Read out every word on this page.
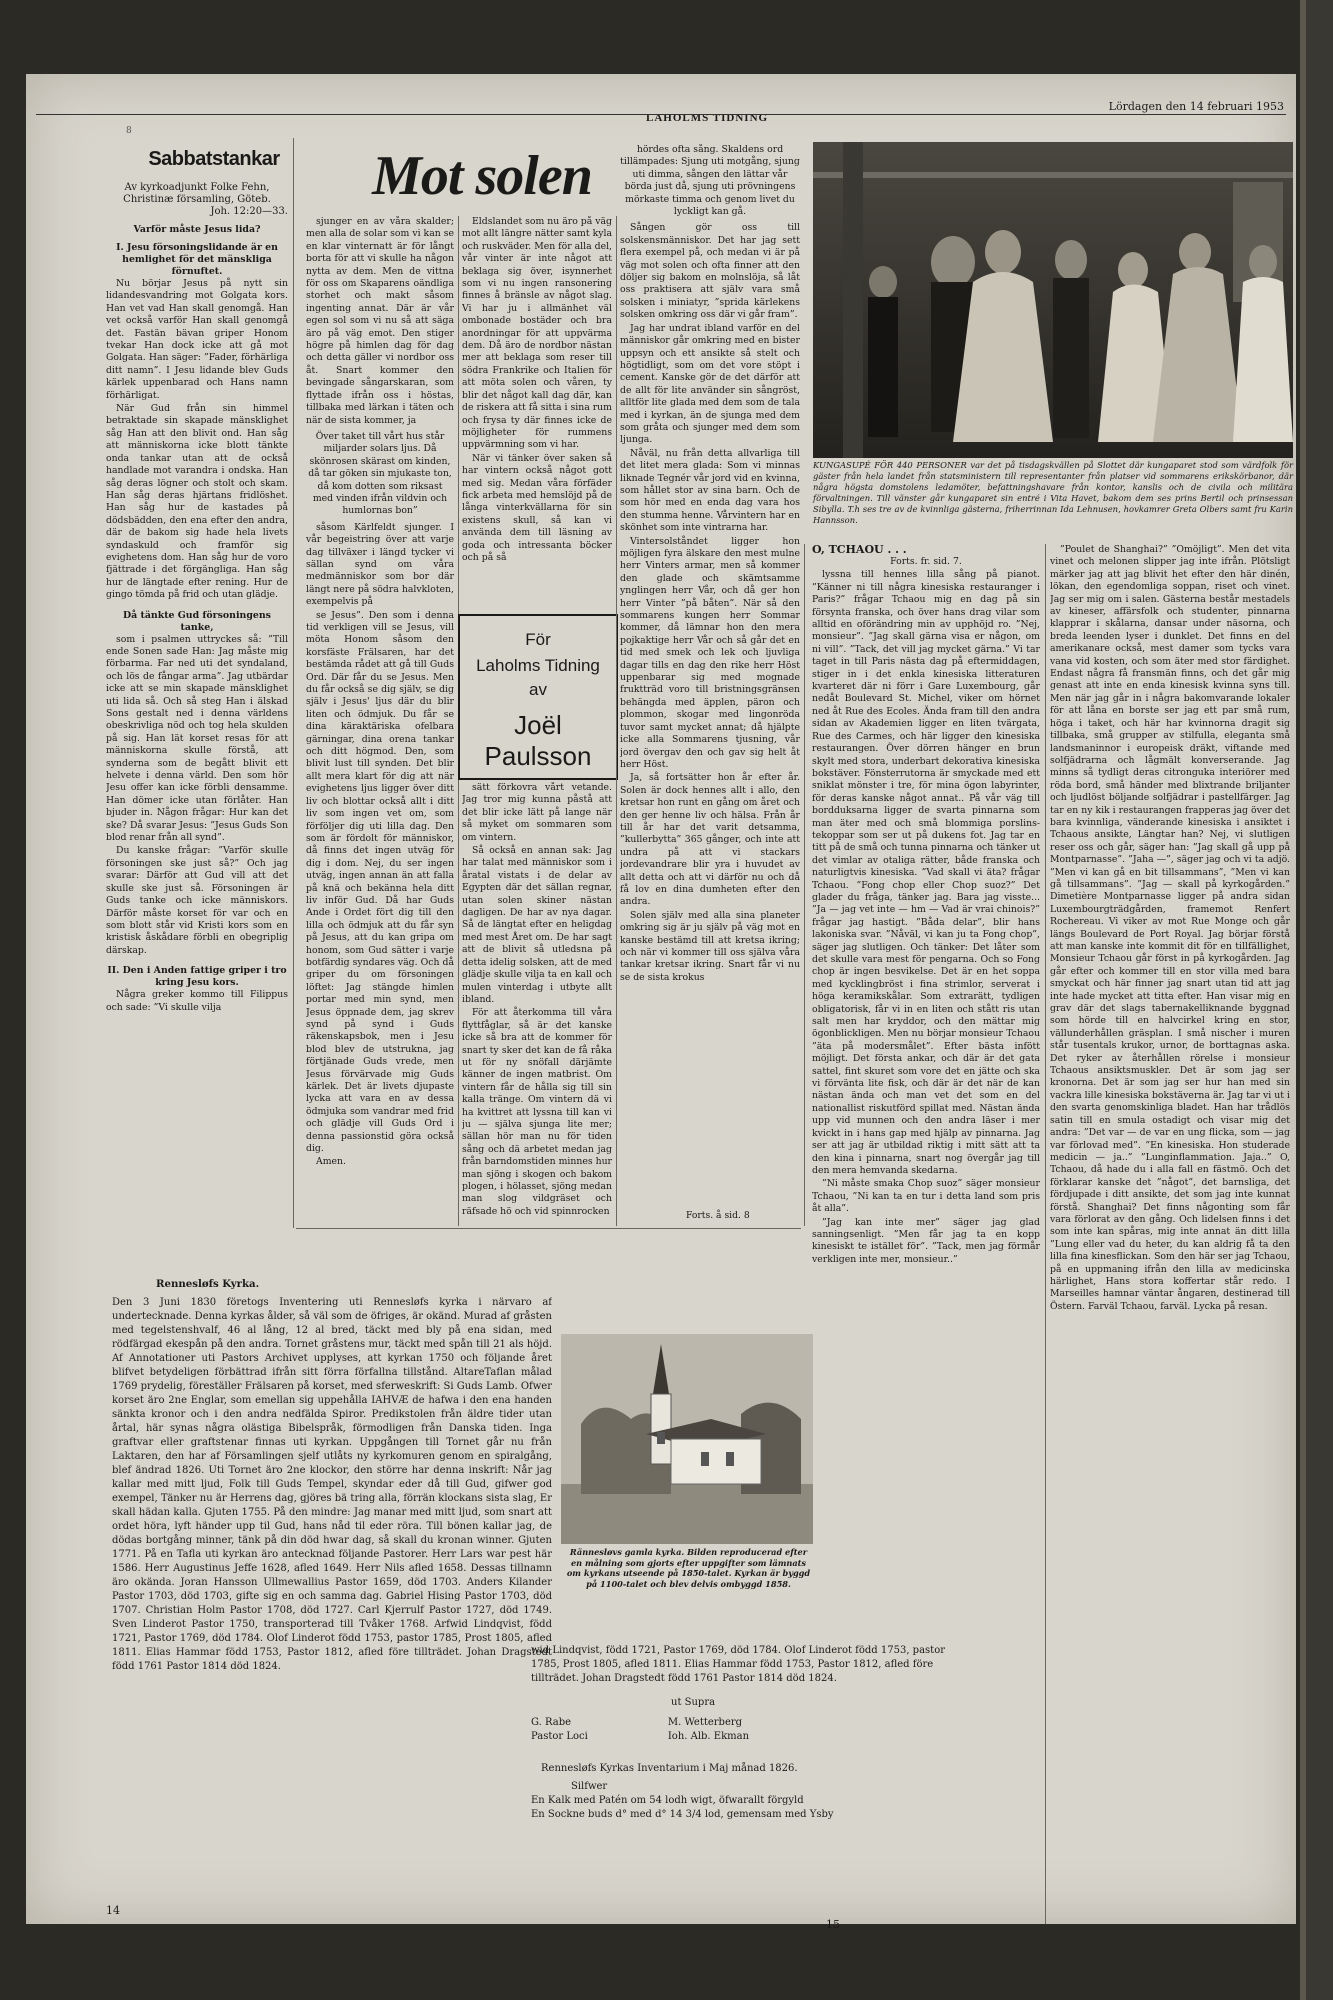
8
Lördagen den 14 februari 1953
LAHOLMS TIDNING
Sabbatstankar
Av kyrkoadjunkt Folke Fehn, Christinæ församling, Göteb.
Joh. 12:20—33.
Varför måste Jesus lida?
I. Jesu försoningslidande är en hemlighet för det mänskliga förnuftet.

Nu börjar Jesus på nytt sin lidandesvandring mot Golgata kors. Han vet vad Han skall genomgå. Han vet också varför Han skall genomgå det. Fastän bävan griper Honom tvekar Han dock icke att gå mot Golgata. Han säger: ”Fader, förhärliga ditt namn”. I Jesu lidande blev Guds kärlek uppenbarad och Hans namn förhärligat.

När Gud från sin himmel betraktade sin skapade mänsklighet såg Han att den blivit ond. Han såg att människorna icke blott tänkte onda tankar utan att de också handlade mot varandra i ondska. Han såg deras lögner och stolt och skam. Han såg deras hjärtans fridlöshet. Han såg hur de kastades på dödsbädden, den ena efter den andra, där de bakom sig hade hela livets syndaskuld och framför sig evighetens dom. Han såg hur de voro fjättrade i det förgängliga. Han såg hur de längtade efter rening. Hur de gingo tömda på frid och utan glädje.

Då tänkte Gud försoningens tanke,

som i psalmen uttryckes så: ”Till ende Sonen sade Han: Jag måste mig förbarma. Far ned uti det syndaland, och lös de fångar arma”. Jag utbärdar icke att se min skapade mänsklighet uti lida så. Och så steg Han i älskad Sons gestalt ned i denna världens obeskrivliga nöd och tog hela skulden på sig. Han lät korset resas för att människorna skulle förstå, att synderna som de begått blivit ett helvete i denna värld. Den som hör Jesu offer kan icke förbli densamme. Han dömer icke utan förlåter. Han bjuder in. Någon frågar: Hur kan det ske? Då svarar Jesus: ”Jesus Guds Son blod renar från all synd”.

Du kanske frågar: ”Varför skulle försoningen ske just så?” Och jag svarar: Därför att Gud vill att det skulle ske just så. Försoningen är Guds tanke och icke människors. Därför måste korset för var och en som blott står vid Kristi kors som en kristisk åskådare förbli en obegriplig därskap.

II. Den i Anden fattige griper i tro kring Jesu kors.

Några greker kommo till Filippus och sade: ”Vi skulle vilja

Mot solen

sjunger en av våra skalder; men alla de solar som vi kan se en klar vinternatt är för långt borta för att vi skulle ha någon nytta av dem. Men de vittna för oss om Skaparens oändliga storhet och makt såsom ingenting annat. Där är vår egen sol som vi nu så att säga äro på väg emot. Den stiger högre på himlen dag för dag och detta gäller vi nordbor oss åt. Snart kommer den bevingade sångarskaran, som flyttade ifrån oss i höstas, tillbaka med lärkan i täten och när de sista kommer, ja

Över taket till vårt hus står miljarder solars ljus. Då skönrosen skärast om kinden, då tar göken sin mjukaste ton, då kom dotten som riksast med vinden ifrån vildvin och humlornas bon”

såsom Kärlfeldt sjunger. I vår begeistring över att varje dag tillväxer i längd tycker vi sällan synd om våra medmänniskor som bor där längt nere på södra halvkloten, exempelvis på

se Jesus”. Den som i denna tid verkligen vill se Jesus, vill möta Honom såsom den korsfäste Frälsaren, har det bestämda rådet att gå till Guds Ord. Där får du se Jesus. Men du får också se dig själv, se dig själv i Jesus' ljus där du blir liten och ödmjuk. Du får se dina käraktäriska ofelbara gärningar, dina orena tankar och ditt högmod. Den, som blivit lust till synden. Det blir allt mera klart för dig att när evighetens ljus ligger över ditt liv och blottar också allt i ditt liv som ingen vet om, som förföljer dig uti lilla dag. Den som är fördolt för människor, då finns det ingen utväg för dig i dom. Nej, du ser ingen utväg, ingen annan än att falla på knä och bekänna hela ditt liv inför Gud. Då har Guds Ande i Ordet fört dig till den lilla och ödmjuk att du får syn på Jesus, att du kan gripa om honom, som Gud sätter i varje botfärdig syndares väg. Och då griper du om försoningen löftet: Jag stängde himlen portar med min synd, men Jesus öppnade dem, jag skrev synd på synd i Guds räkenskapsbok, men i Jesu blod blev de utstrukna, jag förtjänade Guds vrede, men Jesus förvärvade mig Guds kärlek. Det är livets djupaste lycka att vara en av dessa ödmjuka som vandrar med frid och glädje vill Guds Ord i denna passionstid göra också dig.

Amen.

Eldslandet som nu äro på väg mot allt längre nätter samt kyla och ruskväder. Men för alla del, vår vinter är inte något att beklaga sig över, isynnerhet som vi nu ingen ransonering finnes å bränsle av något slag. Vi har ju i allmänhet väl ombonade bostäder och bra anordningar för att uppvärma dem. Då äro de nordbor nästan mer att beklaga som reser till södra Frankrike och Italien för att möta solen och våren, ty blir det något kall dag där, kan de riskera att få sitta i sina rum och frysa ty där finnes icke de möjligheter för rummens uppvärmning som vi har.

När vi tänker över saken så har vintern också något gott med sig. Medan våra förfäder fick arbeta med hemslöjd på de långa vinterkvällarna för sin existens skull, så kan vi använda dem till läsning av goda och intressanta böcker och på så

För
Laholms Tidning
av
Joël Paulsson

sätt förkovra vårt vetande. Jag tror mig kunna påstå att det blir icke lätt på lange när så myket om sommaren som om vintern.

Så också en annan sak: Jag har talat med människor som i åratal vistats i de delar av Egypten där det sällan regnar, utan solen skiner nästan dagligen. De har av nya dagar. Så de längtat efter en heligdag med mest Året om. De har sagt att de blivit så utledsna på detta idelig solsken, att de med glädje skulle vilja ta en kall och mulen vinterdag i utbyte allt ibland.

För att återkomma till våra flyttfåglar, så är det kanske icke så bra att de kommer för snart ty sker det kan de få råka ut för ny snöfall därjämte känner de ingen matbrist. Om vintern får de hålla sig till sin kalla tränge. Om vintern dä vi ha kvittret att lyssna till kan vi ju — själva sjunga lite mer; sällan hör man nu för tiden sång och dä arbetet medan jag från barndomstiden minnes hur man sjöng i skogen och bakom plogen, i hölasset, sjöng medan man slog vildgräset och räfsade hö och vid spinnrocken

hördes ofta sång. Skaldens ord tillämpades: Sjung uti motgång, sjung uti dimma, sången den lättar vår börda just då, sjung uti prövningens mörkaste timma och genom livet du lyckligt kan gå.

Sången gör oss till solskensmänniskor. Det har jag sett flera exempel på, och medan vi är på väg mot solen och ofta finner att den döljer sig bakom en molnslöja, så låt oss praktisera att själv vara små solsken i miniatyr, ”sprida kärlekens solsken omkring oss där vi går fram”.

Jag har undrat ibland varför en del människor går omkring med en bister uppsyn och ett ansikte så stelt och högtidligt, som om det vore stöpt i cement. Kanske gör de det därför att de allt för lite använder sin sångröst, alltför lite glada med dem som de tala med i kyrkan, än de sjunga med dem som gråta och sjunger med dem som ljunga.

Nåväl, nu från detta allvarliga till det litet mera glada: Som vi minnas liknade Tegnér vår jord vid en kvinna, som hållet stor av sina barn. Och de som hör med en enda dag vara hos den stumma henne. Vårvintern har en skönhet som inte vintrarna har.

Vintersolståndet ligger hon möjligen fyra älskare den mest mulne herr Vinters armar, men så kommer den glade och skämtsamme ynglingen herr Vår, och då ger hon herr Vinter ”på båten”. När så den sommarens kungen herr Sommar kommer, då lämnar hon den mera pojkaktige herr Vår och så går det en tid med smek och lek och ljuvliga dagar tills en dag den rike herr Höst uppenbarar sig med mognade fruktträd voro till bristningsgränsen behängda med äpplen, päron och plommon, skogar med lingonröda tuvor samt mycket annat; då hjälpte icke alla Sommarens tjusning, vår jord övergav den och gav sig helt åt herr Höst.

Ja, så fortsätter hon år efter år. Solen är dock hennes allt i allo, den kretsar hon runt en gång om året och den ger henne liv och hälsa. Från år till år har det varit detsamma, ”kullerbytta” 365 gånger, och inte att undra på att vi stackars jordevandrare blir yra i huvudet av allt detta och att vi därför nu och då få lov en dina dumheten efter den andra.

Solen själv med alla sina planeter omkring sig är ju själv på väg mot en kanske bestämd till att kretsa ikring; och när vi kommer till oss själva våra tankar kretsar ikring. Snart får vi nu se de sista krokus

KUNGASUPÉ FÖR 440 PERSONER var det på tisdagskvällen på Slottet där kungaparet stod som värdfolk för gäster från hela landet från statsministern till representanter från platser vid sommarens erikskörbanor, där några högsta domstolens ledamöter, befattningshavare från kontor, kanslis och de civila och militära förvaltningen. Till vänster går kungaparet sin entré i Vita Havet, bakom dem ses prins Bertil och prinsessan Sibylla. T.h ses tre av de kvinnliga gästerna, friherrinnan Ida Lehnusen, hovkamrer Greta Olbers samt fru Karin Hannsson.
O, TCHAOU . . .

Forts. fr. sid. 7.

lyssna till hennes lilla sång på pianot. ”Känner ni till några kinesiska restauranger i Paris?” frågar Tchaou mig en dag på sin försynta franska, och över hans drag vilar som alltid en oförändring min av upphöjd ro. ”Nej, monsieur”. ”Jag skall gärna visa er någon, om ni vill”. ”Tack, det vill jag mycket gärna.” Vi tar taget in till Paris nästa dag på eftermiddagen, stiger in i det enkla kinesiska litteraturen kvarteret där ni förr i Gare Luxembourg, går nedåt Boulevard St. Michel, viker om hörnet ned åt Rue des Ecoles. Ända fram till den andra sidan av Akademien ligger en liten tvärgata, Rue des Carmes, och här ligger den kinesiska restaurangen. Över dörren hänger en brun skylt med stora, underbart dekorativa kinesiska bokstäver. Fönsterrutorna är smyckade med ett sniklat mönster i tre, för mina ögon labyrinter, för deras kanske något annat.. På vår väg till bordduksarna ligger de svarta pinnarna som man äter med och små blommiga porslins-tekoppar som ser ut på dukens fot. Jag tar en titt på de små och tunna pinnarna och tänker ut det vimlar av otaliga rätter, både franska och naturligtvis kinesiska. ”Vad skall vi äta? frågar Tchaou. ”Fong chop eller Chop suoz?” Det glader du fråga, tänker jag. Bara jag visste... ”Ja — jag vet inte — hm — Vad är vrai chinois?” frågar jag hastigt. ”Båda delar”, blir hans lakoniska svar. ”Nåväl, vi kan ju ta Fong chop”, säger jag slutligen. Och tänker: Det låter som det skulle vara mest för pengarna. Och so Fong chop är ingen besvikelse. Det är en het soppa med kycklingbröst i fina strimlor, serverat i höga keramikskålar. Som extrarätt, tydligen obligatorisk, får vi in en liten och stått ris utan salt men har kryddor, och den mättar mig ögonblickligen. Men nu börjar monsieur Tchaou ”äta på modersmålet”. Efter bästa infött möjligt. Det första ankar, och där är det gata sattel, fint skuret som vore det en jätte och ska vi förvänta lite fisk, och där är det när de kan nästan ända och man vet det som en del nationallist riskutförd spillat med. Nästan ända upp vid munnen och den andra läser i mer kvickt in i hans gap med hjälp av pinnarna. Jag ser att jag är utbildad riktig i mitt sätt att ta den kina i pinnarna, snart nog övergår jag till den mera hemvanda skedarna.

”Ni måste smaka Chop suoz” säger monsieur Tchaou, ”Ni kan ta en tur i detta land som pris åt alla”.

”Jag kan inte mer” säger jag glad sanningsenligt. ”Men får jag ta en kopp kinesiskt te istället för”. ”Tack, men jag förmår verkligen inte mer, monsieur..”

”Poulet de Shanghai?” ”Omöjligt”. Men det vita vinet och melonen slipper jag inte ifrån. Plötsligt märker jag att jag blivit het efter den här dinén, lökan, den egendomliga soppan, riset och vinet. Jag ser mig om i salen. Gästerna består mestadels av kineser, affärsfolk och studenter, pinnarna klapprar i skålarna, dansar under näsorna, och breda leenden lyser i dunklet. Det finns en del amerikanare också, mest damer som tycks vara vana vid kosten, och som äter med stor färdighet. Endast några få fransmän finns, och det går mig genast att inte en enda kinesisk kvinna syns till. Men när jag går in i några bakomvarande lokaler för att låna en borste ser jag ett par små rum, höga i taket, och här har kvinnorna dragit sig tillbaka, små grupper av stilfulla, eleganta små landsmaninnor i europeisk dräkt, viftande med solfjädrarna och lågmält konverserande. Jag minns så tydligt deras citronguka interiörer med röda bord, små händer med blixtrande briljanter och ljudlöst böljande solfjädrar i pastellfärger. Jag tar en ny kik i restaurangen frapperas jag över det bara kvinnliga, vänderande kinesiska i ansiktet i Tchaous ansikte, Längtar han? Nej, vi slutligen reser oss och går, säger han: ”Jag skall gå upp på Montparnasse”. ”Jaha —”, säger jag och vi ta adjö. ”Men vi kan gå en bit tillsammans”, ”Men vi kan gå tillsammans”. ”Jag — skall på kyrkogården.” Dimetière Montparnasse ligger på andra sidan Luxembourgträdgården, framemot Renfert Rochereau. Vi viker av mot Rue Monge och går längs Boulevard de Port Royal. Jag börjar förstå att man kanske inte kommit dit för en tillfällighet, Monsieur Tchaou går först in på kyrkogården. Jag går efter och kommer till en stor villa med bara smyckat och här finner jag snart utan tid att jag inte hade mycket att titta efter. Han visar mig en grav där det slags tabernakelliknande byggnad som hörde till en halvcirkel kring en stor, vällunderhållen gräsplan. I små nischer i muren står tusentals krukor, urnor, de borttagnas aska. Det ryker av återhållen rörelse i monsieur Tchaous ansiktsmuskler. Det är som jag ser kronorna. Det är som jag ser hur han med sin vackra lille kinesiska bokstäverna är. Jag tar vi ut i den svarta genomskinliga bladet. Han har trådlös satin till en smula ostadigt och visar mig det andra: ”Det var — de var en ung flicka, som — jag var förlovad med”. ”En kinesiska. Hon studerade medicin — ja..” ”Lunginflammation. Jaja..” O, Tchaou, då hade du i alla fall en fästmö. Och det förklarar kanske det ”något”, det barnsliga, det fördjupade i ditt ansikte, det som jag inte kunnat förstå. Shanghai? Det finns någonting som får vara förlorat av den gång. Och lidelsen finns i det som inte kan spåras, mig inte annat än ditt lilla ”Lung eller vad du heter, du kan aldrig få ta den lilla fina kinesflickan. Som den här ser jag Tchaou, på en uppmaning ifrån den lilla av medicinska härlighet, Hans stora koffertar står redo. I Marseilles hamnar väntar ångaren, destinerad till Östern. Farväl Tchaou, farväl. Lycka på resan.

Forts. å sid. 8
⠀
Rennesløfs Kyrka.

Den 3 Juni 1830 företogs Inventering uti Rennesløfs kyrka i närvaro af undertecknade. Denna kyrkas ålder, så väl som de öfriges, är okänd. Murad af gråsten med tegelstenshvalf, 46 al lång, 12 al bred, täckt med bly på ena sidan, med rödfärgad ekespån på den andra. Tornet gråstens mur, täckt med spån till 21 als höjd. Af Annotationer uti Pastors Archivet upplyses, att kyrkan 1750 och följande året blifvet betydeligen förbättrad ifrån sitt förra förfallna tillstånd. AltareTaflan målad 1769 prydelig, föreställer Frälsaren på korset, med sferweskrift: Si Guds Lamb. Ofwer korset äro 2ne Englar, som emellan sig uppehålla IAHVÆ de hafwa i den ena handen sänkta kronor och i den andra nedfälda Spiror. Predikstolen från äldre tider utan årtal, här synas några olästiga Bibelspråk, förmodligen från Danska tiden. Inga graftvar eller graftstenar finnas uti kyrkan. Uppgången till Tornet går nu från Laktaren, den har af Församlingen sjelf utlåts ny kyrkomuren genom en spiralgång, blef ändrad 1826. Uti Tornet äro 2ne klockor, den större har denna inskrift: Når jag kallar med mitt ljud, Folk till Guds Tempel, skyndar eder då till Gud, gifwer god exempel, Tänker nu är Herrens dag, gjöres bä tring alla, förrän klockans sista slag, Er skall hädan kalla. Gjuten 1755. På den mindre: Jag manar med mitt ljud, som snart att ordet höra, lyft händer upp til Gud, hans nåd til eder röra. Till bönen kallar jag, de dödas bortgång minner, tänk på din död hwar dag, så skall du kronan winner. Gjuten 1771. På en Tafla uti kyrkan äro antecknad följande Pastorer. Herr Lars war pest här 1586. Herr Augustinus Jeffe 1628, afled 1649. Herr Nils afled 1658. Dessas tillnamn äro okända. Joran Hansson Ullmewallius Pastor 1659, död 1703. Anders Kilander Pastor 1703, död 1703, gifte sig en och samma dag. Gabriel Hising Pastor 1703, död 1707. Christian Holm Pastor 1708, död 1727. Carl Kjerrulf Pastor 1727, död 1749. Sven Linderot Pastor 1750, transporterad till Tvåker 1768. Arfwid Lindqvist, född 1721, Pastor 1769, död 1784. Olof Linderot född 1753, pastor 1785, Prost 1805, afled 1811. Elias Hammar född 1753, Pastor 1812, afled före tillträdet. Johan Dragstedt född 1761 Pastor 1814 död 1824.

Rännesløvs gamla kyrka. Bilden reproducerad efter en målning som gjorts efter uppgifter som lämnats om kyrkans utseende på 1850-talet. Kyrkan är byggd på 1100-talet och blev delvis ombyggd 1858.

wid Lindqvist, född 1721, Pastor 1769, död 1784. Olof Linderot född 1753, pastor 1785, Prost 1805, afled 1811. Elias Hammar född 1753, Pastor 1812, afled före tillträdet. Johan Dragstedt född 1761 Pastor 1814 död 1824.

ut Supra

G. Rabe

Pastor Loci

M. Wetterberg

Ioh. Alb. Ekman

Rennesløfs Kyrkas Inventarium i Maj månad 1826.

Silfwer

En Kalk med Patén om 54 lodh wigt, öfwarallt förgyld

En Sockne buds d° med d° 14 3/4 lod, gemensam med Ysby

14
15
